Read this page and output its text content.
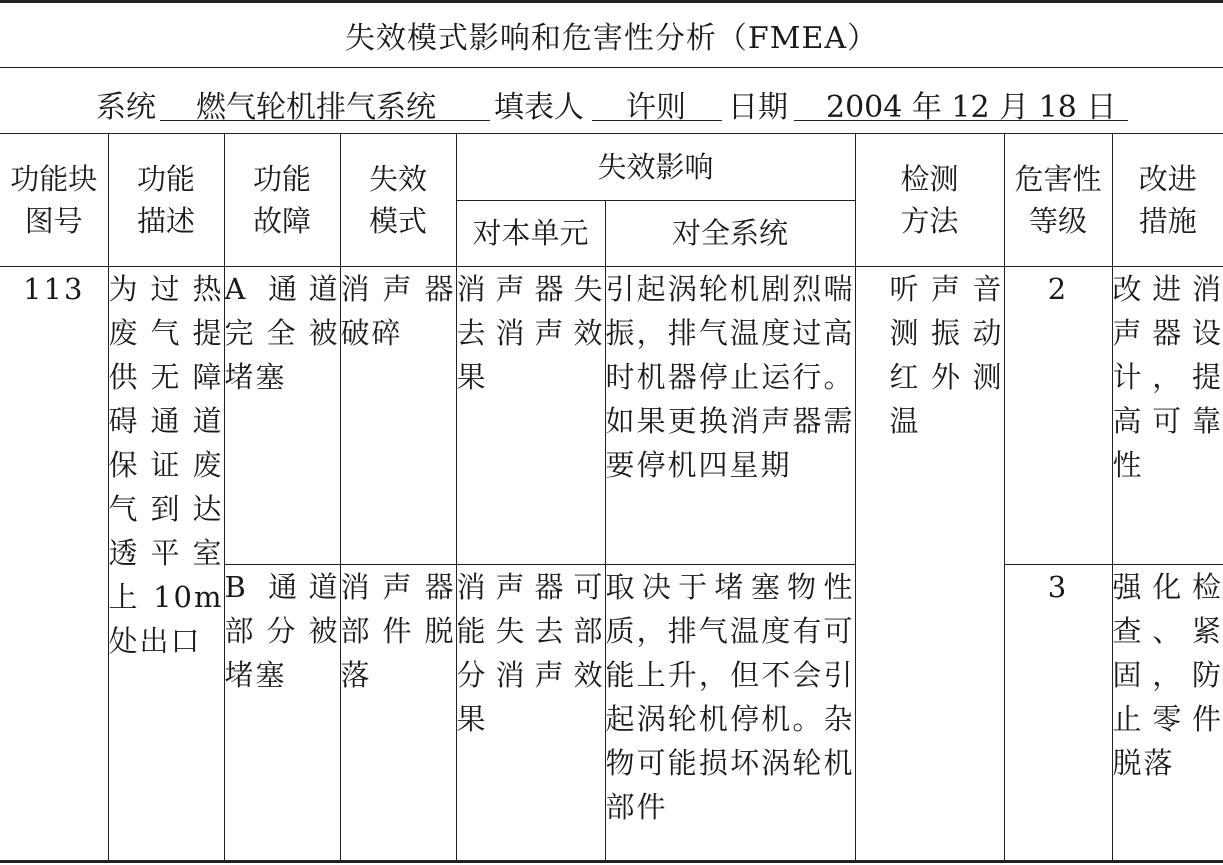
失效模式影响和危害性分析（FMEA）
系统 燃气轮机排气系统 填表人 许则 日期 2004 年 12 月 18 日
功能块图号	功能描述	功能故障	失效模式	失效影响		检测方法	危害性等级	改进措施

				对本单元	对全系统			
113	为过热废气提供无障碍通道保证废气到达透平室上10m 处出口	A 通道完全被堵塞	消声器破碎	消声器失去消声效果	引起涡轮机剧烈喘振，排气温度过高时机器停止运行。如果更换消声器需要停机四星期	听声音测振动红外测温	2	改进消声器设计，提高可靠性
		B 通道部分被堵塞	消声器部件脱落	消声器可能失去部分消声效果	取决于堵塞物性质，排气温度有可能上升，但不会引起涡轮机停机。杂物可能损坏涡轮机部件		3	强化检查、紧固，防止零件脱落
